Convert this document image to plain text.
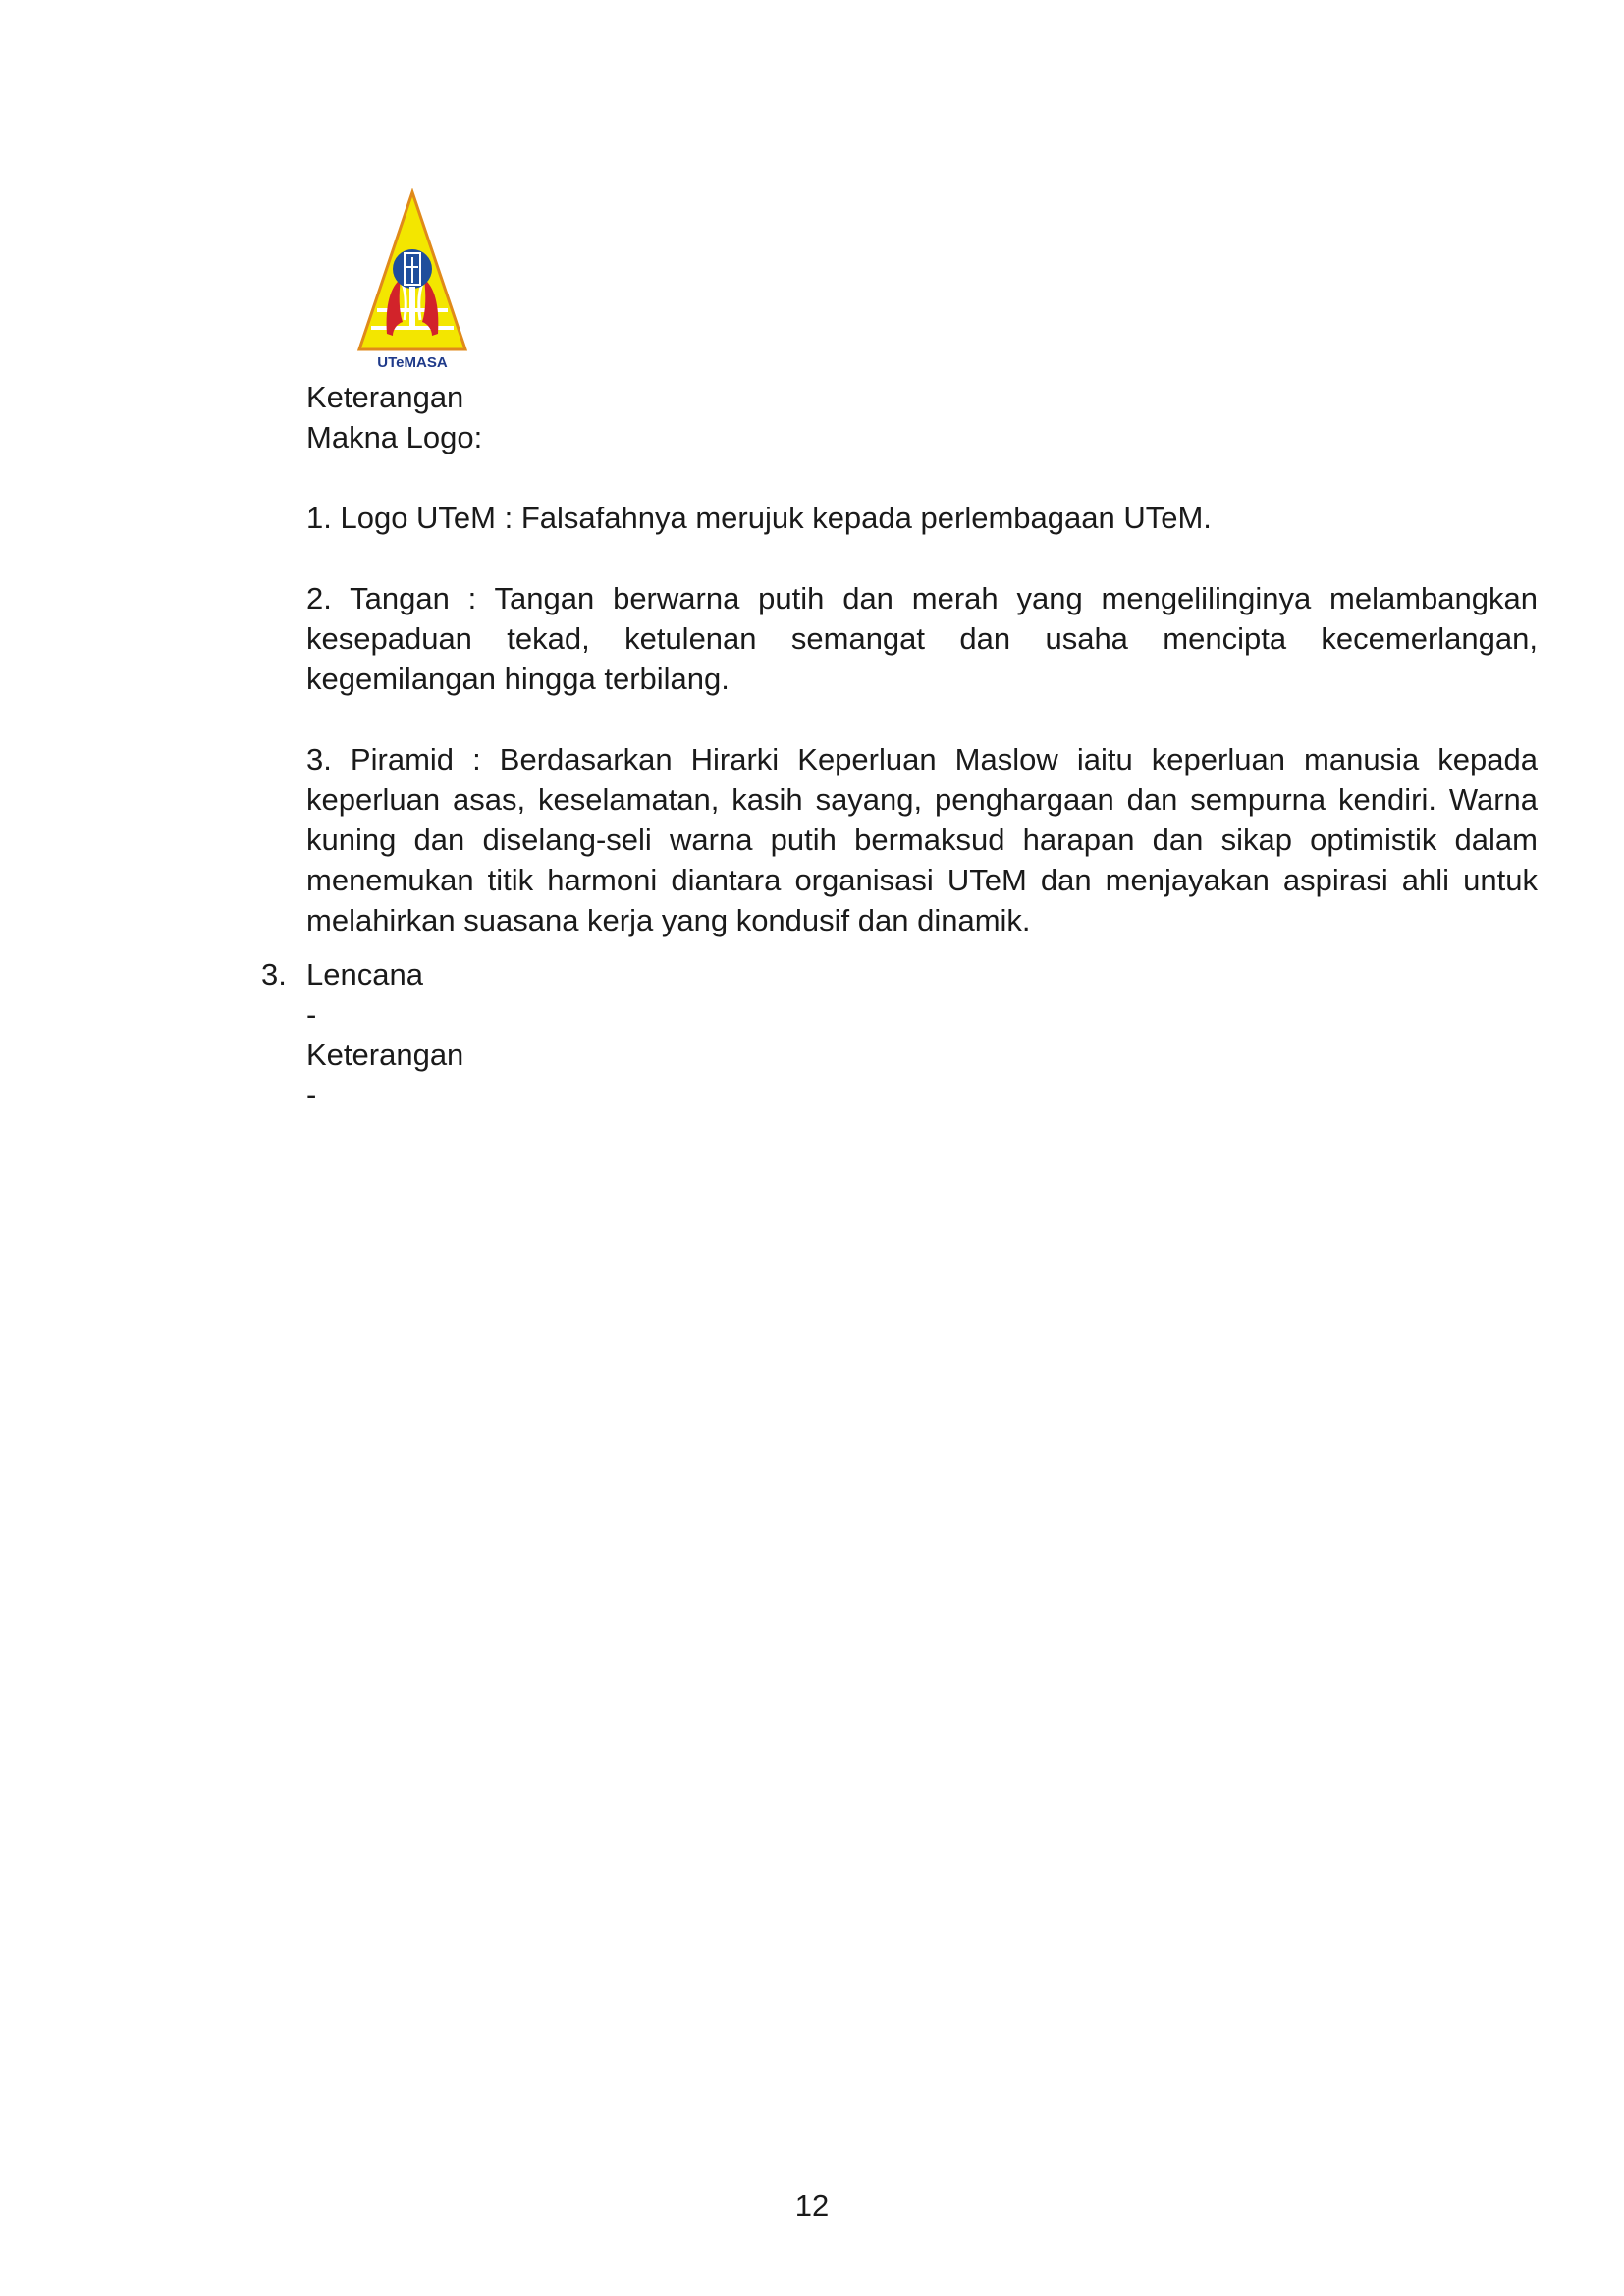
UTeMASA

Keterangan

Makna Logo:

1. Logo UTeM : Falsafahnya merujuk kepada perlembagaan UTeM.

2. Tangan : Tangan berwarna putih dan merah yang mengelilinginya melambangkan kesepaduan tekad, ketulenan semangat dan usaha mencipta kecemerlangan, kegemilangan hingga terbilang.

3. Piramid : Berdasarkan Hirarki Keperluan Maslow iaitu keperluan manusia kepada keperluan asas, keselamatan, kasih sayang, penghargaan dan sempurna kendiri. Warna kuning dan diselang-seli warna putih bermaksud harapan dan sikap optimistik dalam menemukan titik harmoni diantara organisasi UTeM dan menjayakan aspirasi ahli untuk melahirkan suasana kerja yang kondusif dan dinamik.

3. Lencana

-

Keterangan

-

12
